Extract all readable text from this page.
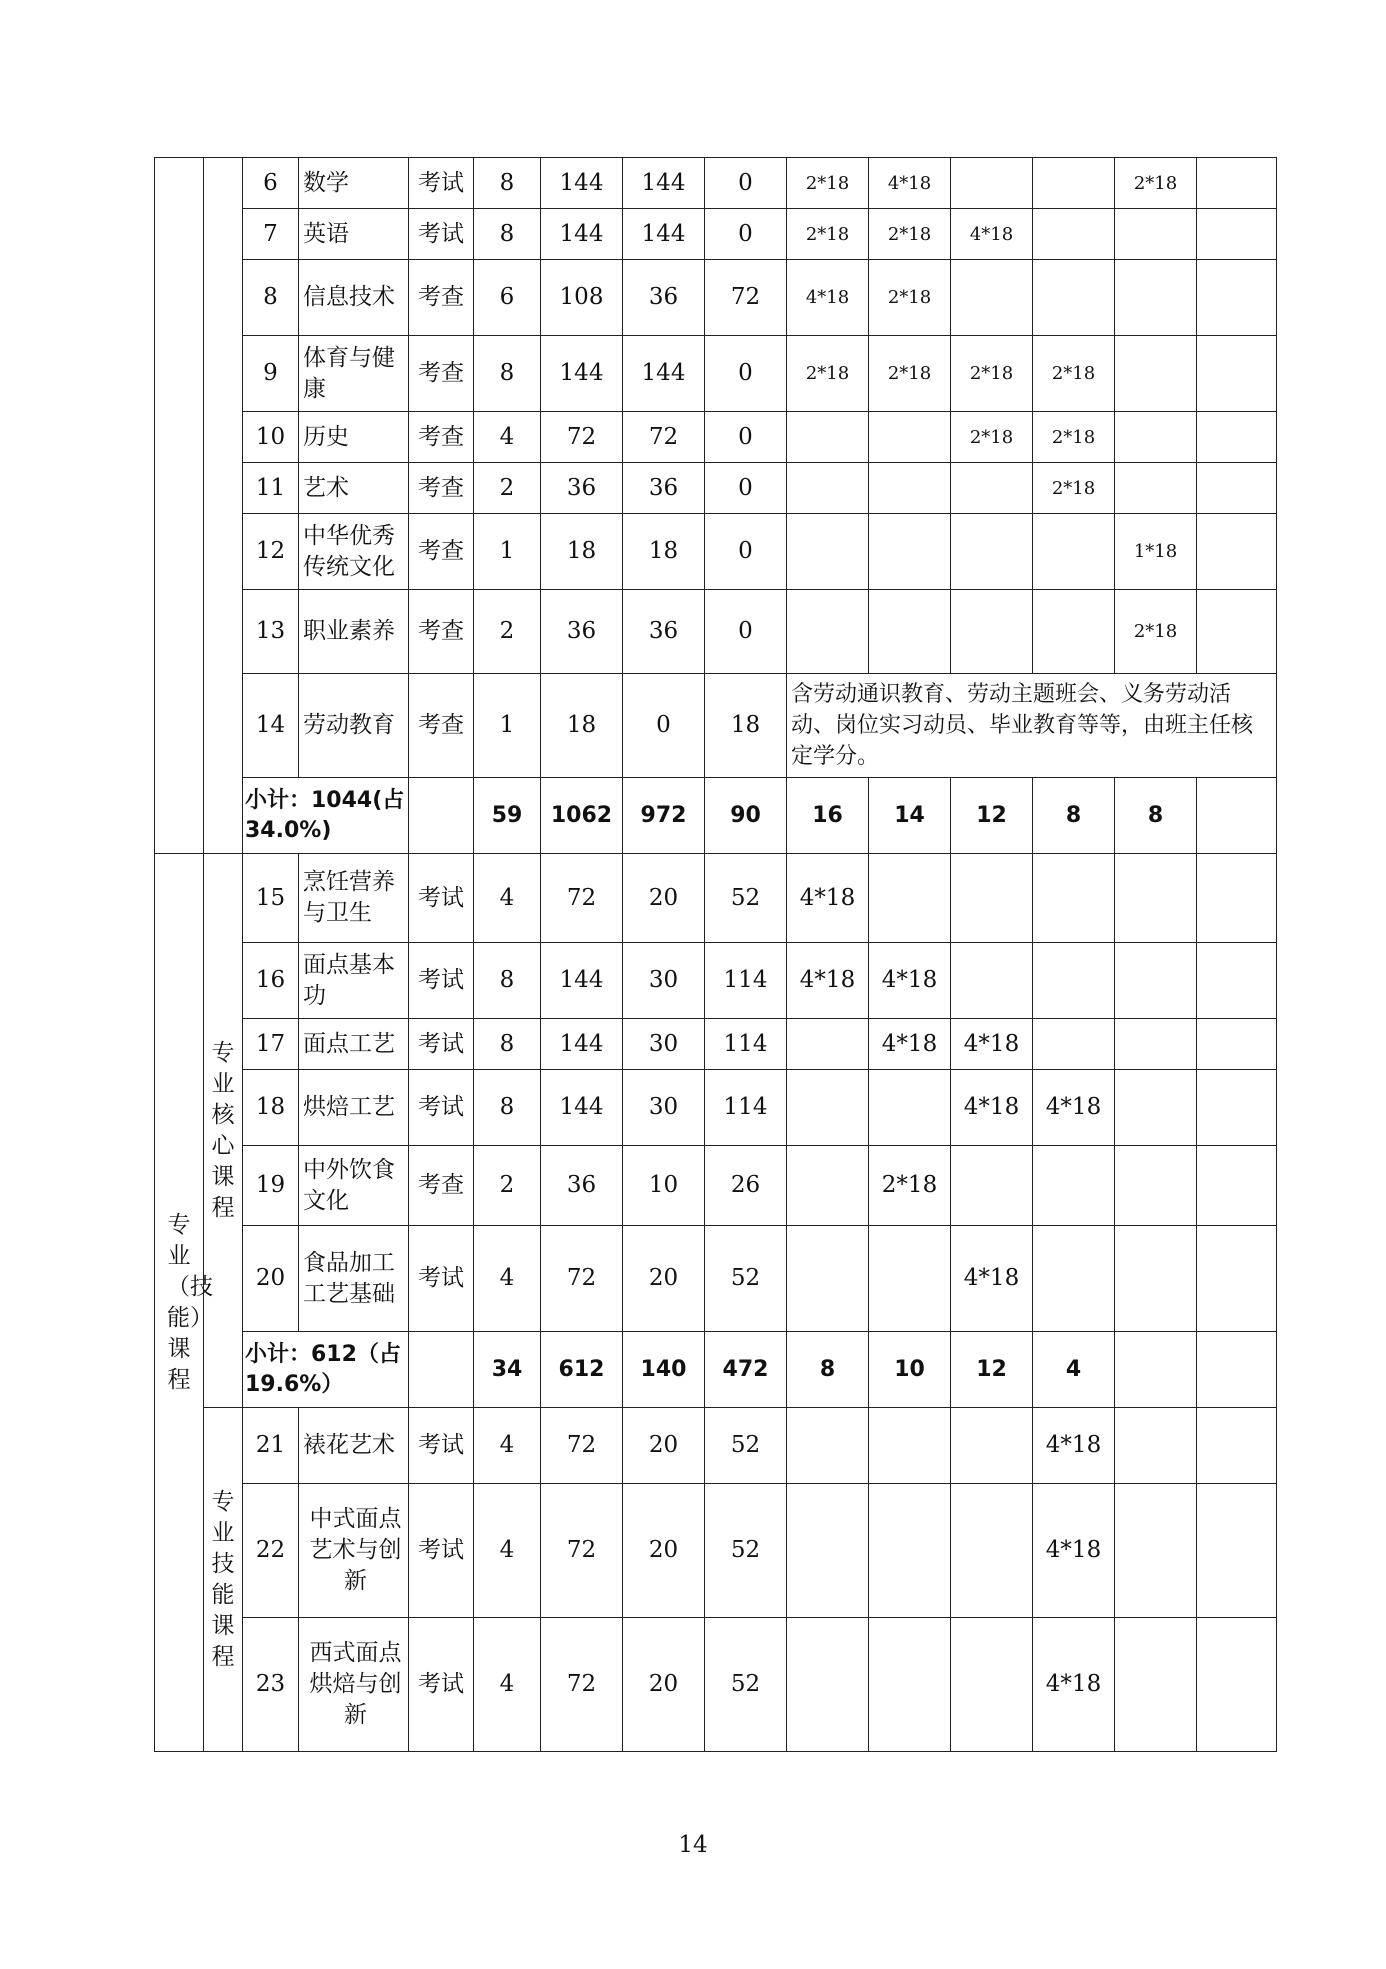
		6	数学	考试	8	144	144	0	2*18	4*18			2*18	
		7	英语	考试	8	144	144	0	2*18	2*18	4*18			
		8	信息技术	考查	6	108	36	72	4*18	2*18				
		9	体育与健康	考查	8	144	144	0	2*18	2*18	2*18	2*18		
		10	历史	考查	4	72	72	0			2*18	2*18		
		11	艺术	考查	2	36	36	0				2*18		
		12	中华优秀传统文化	考查	1	18	18	0					1*18	
		13	职业素养	考查	2	36	36	0					2*18	
		14	劳动教育	考查	1	18	0	18	含劳动通识教育、劳动主题班会、义务劳动活动、岗位实习动员、毕业教育等等，由班主任核定学分。					
		小计：1044(占 34.0%)			59	1062	972	90	16	14	12	8	8	

专业（技能）课程	专业核心课程	15	烹饪营养与卫生	考试	4	72	20	52	4*18					
		16	面点基本功	考试	8	144	30	114	4*18	4*18				
		17	面点工艺	考试	8	144	30	114		4*18	4*18			
		18	烘焙工艺	考试	8	144	30	114			4*18	4*18		
		19	中外饮食文化	考查	2	36	10	26		2*18				
		20	食品加工工艺基础	考试	4	72	20	52			4*18			
		小计：612（占 19.6%）			34	612	140	472	8	10	12	4		

	专业技能课程	21	裱花艺术	考试	4	72	20	52				4*18		
		22	中式面点艺术与创新	考试	4	72	20	52				4*18		
		23	西式面点烘焙与创新	考试	4	72	20	52				4*18		
14
